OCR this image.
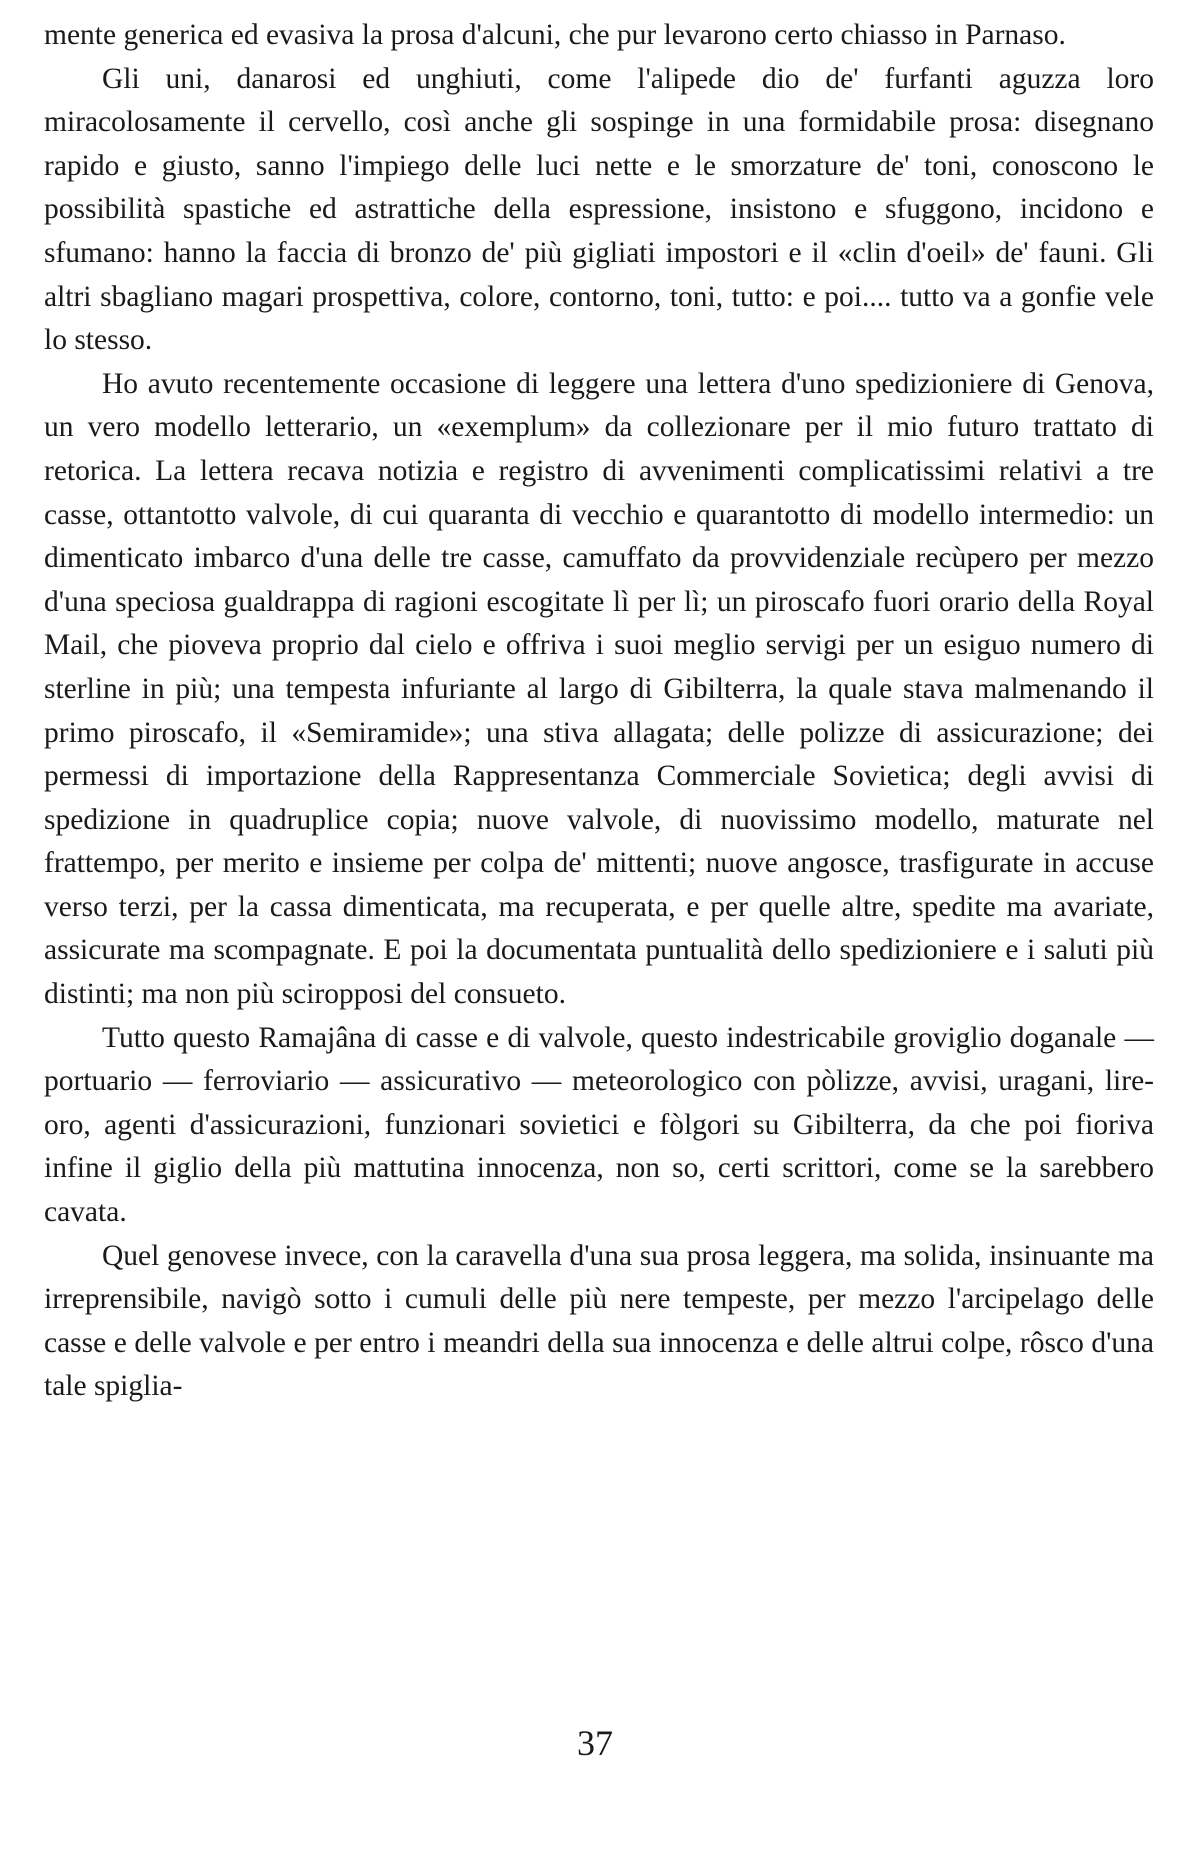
mente generica ed evasiva la prosa d'alcuni, che pur levarono certo chiasso in Parnaso.

Gli uni, danarosi ed unghiuti, come l'alipede dio de' furfanti aguzza loro miracolosamente il cervello, così anche gli sospinge in una formidabile prosa: disegnano rapido e giusto, sanno l'impiego delle luci nette e le smorzature de' toni, conoscono le possibilità spastiche ed astrattiche della espressione, insistono e sfuggono, incidono e sfumano: hanno la faccia di bronzo de' più gigliati impostori e il «clin d'oeil» de' fauni. Gli altri sbagliano magari prospettiva, colore, contorno, toni, tutto: e poi.... tutto va a gonfie vele lo stesso.

Ho avuto recentemente occasione di leggere una lettera d'uno spedizioniere di Genova, un vero modello letterario, un «exemplum» da collezionare per il mio futuro trattato di retorica. La lettera recava notizia e registro di avvenimenti complicatissimi relativi a tre casse, ottantotto valvole, di cui quaranta di vecchio e quarantotto di modello intermedio: un dimenticato imbarco d'una delle tre casse, camuffato da provvidenziale recùpero per mezzo d'una speciosa gualdrappa di ragioni escogitate lì per lì; un piroscafo fuori orario della Royal Mail, che pioveva proprio dal cielo e offriva i suoi meglio servigi per un esiguo numero di sterline in più; una tempesta infuriante al largo di Gibilterra, la quale stava malmenando il primo piroscafo, il «Semiramide»; una stiva allagata; delle polizze di assicurazione; dei permessi di importazione della Rappresentanza Commerciale Sovietica; degli avvisi di spedizione in quadruplice copia; nuove valvole, di nuovissimo modello, maturate nel frattempo, per merito e insieme per colpa de' mittenti; nuove angosce, trasfigurate in accuse verso terzi, per la cassa dimenticata, ma recuperata, e per quelle altre, spedite ma avariate, assicurate ma scompagnate. E poi la documentata puntualità dello spedizioniere e i saluti più distinti; ma non più sciropposi del consueto.

Tutto questo Ramajâna di casse e di valvole, questo indestricabile groviglio doganale — portuario — ferroviario — assicurativo — meteorologico con pòlizze, avvisi, uragani, lire-oro, agenti d'assicurazioni, funzionari sovietici e fòlgori su Gibilterra, da che poi fioriva infine il giglio della più mattutina innocenza, non so, certi scrittori, come se la sarebbero cavata.

Quel genovese invece, con la caravella d'una sua prosa leggera, ma solida, insinuante ma irreprensibile, navigò sotto i cumuli delle più nere tempeste, per mezzo l'arcipelago delle casse e delle valvole e per entro i meandri della sua innocenza e delle altrui colpe, rôsco d'una tale spiglia-

37
